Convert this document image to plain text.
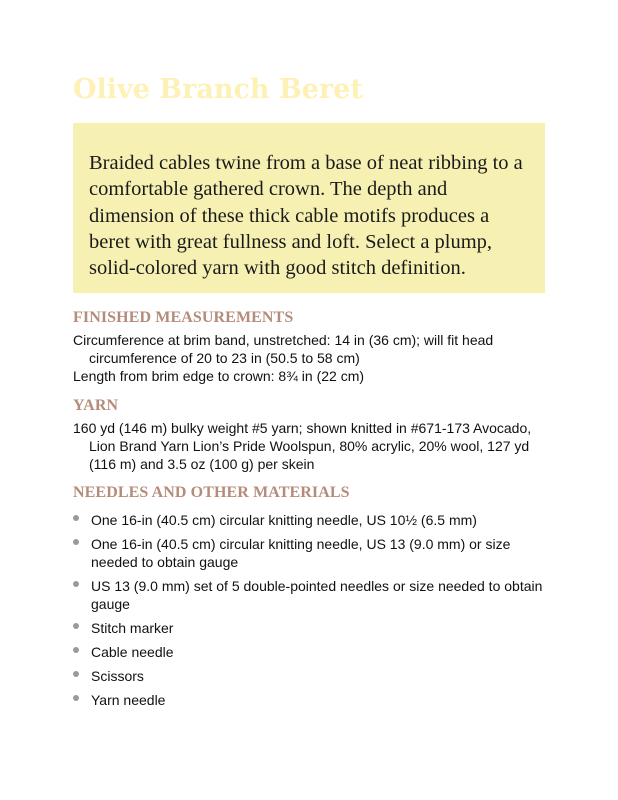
Olive Branch Beret

Braided cables twine from a base of neat ribbing to a comfortable gathered crown. The depth and dimension of these thick cable motifs produces a beret with great fullness and loft. Select a plump, solid-colored yarn with good stitch definition.

FINISHED MEASUREMENTS

Circumference at brim band, unstretched: 14 in (36 cm); will fit head circumference of 20 to 23 in (50.5 to 58 cm)

Length from brim edge to crown: 8¾ in (22 cm)

YARN

160 yd (146 m) bulky weight #5 yarn; shown knitted in #671-173 Avocado, Lion Brand Yarn Lion’s Pride Woolspun, 80% acrylic, 20% wool, 127 yd (116 m) and 3.5 oz (100 g) per skein

NEEDLES AND OTHER MATERIALS
One 16-in (40.5 cm) circular knitting needle, US 10½ (6.5 mm)
One 16-in (40.5 cm) circular knitting needle, US 13 (9.0 mm) or size needed to obtain gauge
US 13 (9.0 mm) set of 5 double-pointed needles or size needed to obtain gauge
Stitch marker
Cable needle
Scissors
Yarn needle
